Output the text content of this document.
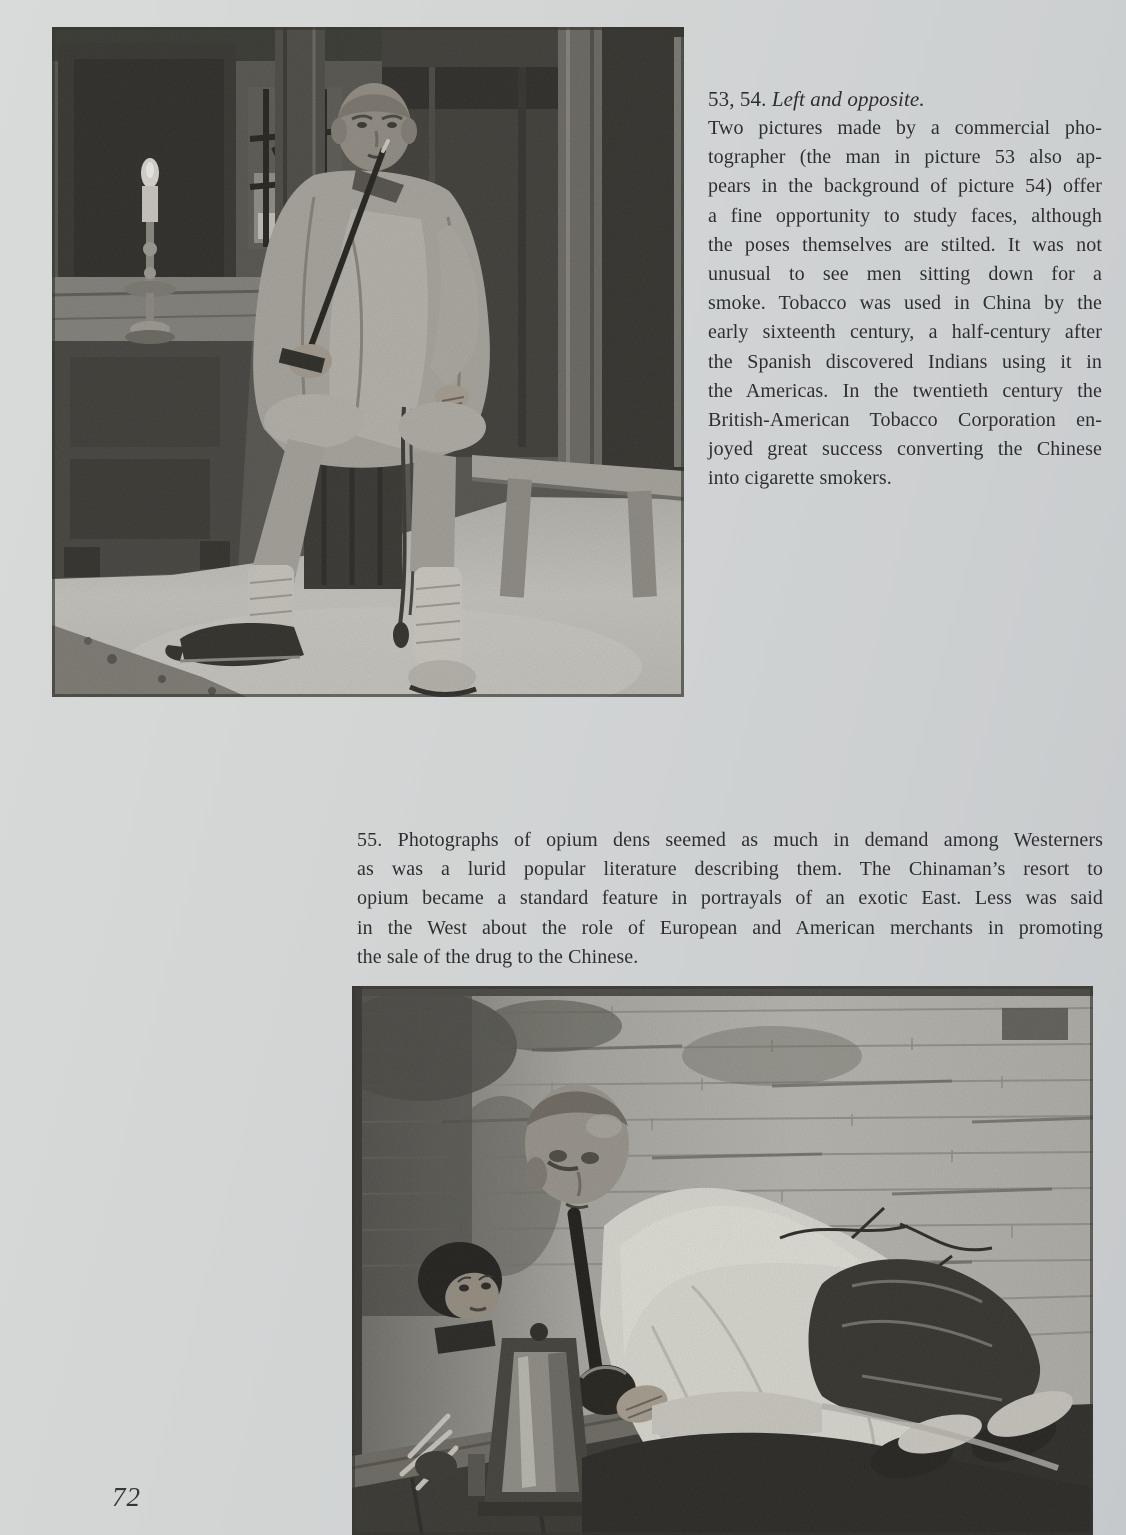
53, 54. Left and opposite.
Two pictures made by a commercial pho-
tographer (the man in picture 53 also ap-
pears in the background of picture 54) offer
a fine opportunity to study faces, although
the poses themselves are stilted. It was not
unusual to see men sitting down for a
smoke. Tobacco was used in China by the
early sixteenth century, a half-century after
the Spanish discovered Indians using it in
the Americas. In the twentieth century the
British-American Tobacco Corporation en-
joyed great success converting the Chinese
into cigarette smokers.
55. Photographs of opium dens seemed as much in demand among Westerners
as was a lurid popular literature describing them. The Chinaman’s resort to
opium became a standard feature in portrayals of an exotic East. Less was said
in the West about the role of European and American merchants in promoting
the sale of the drug to the Chinese.
72
